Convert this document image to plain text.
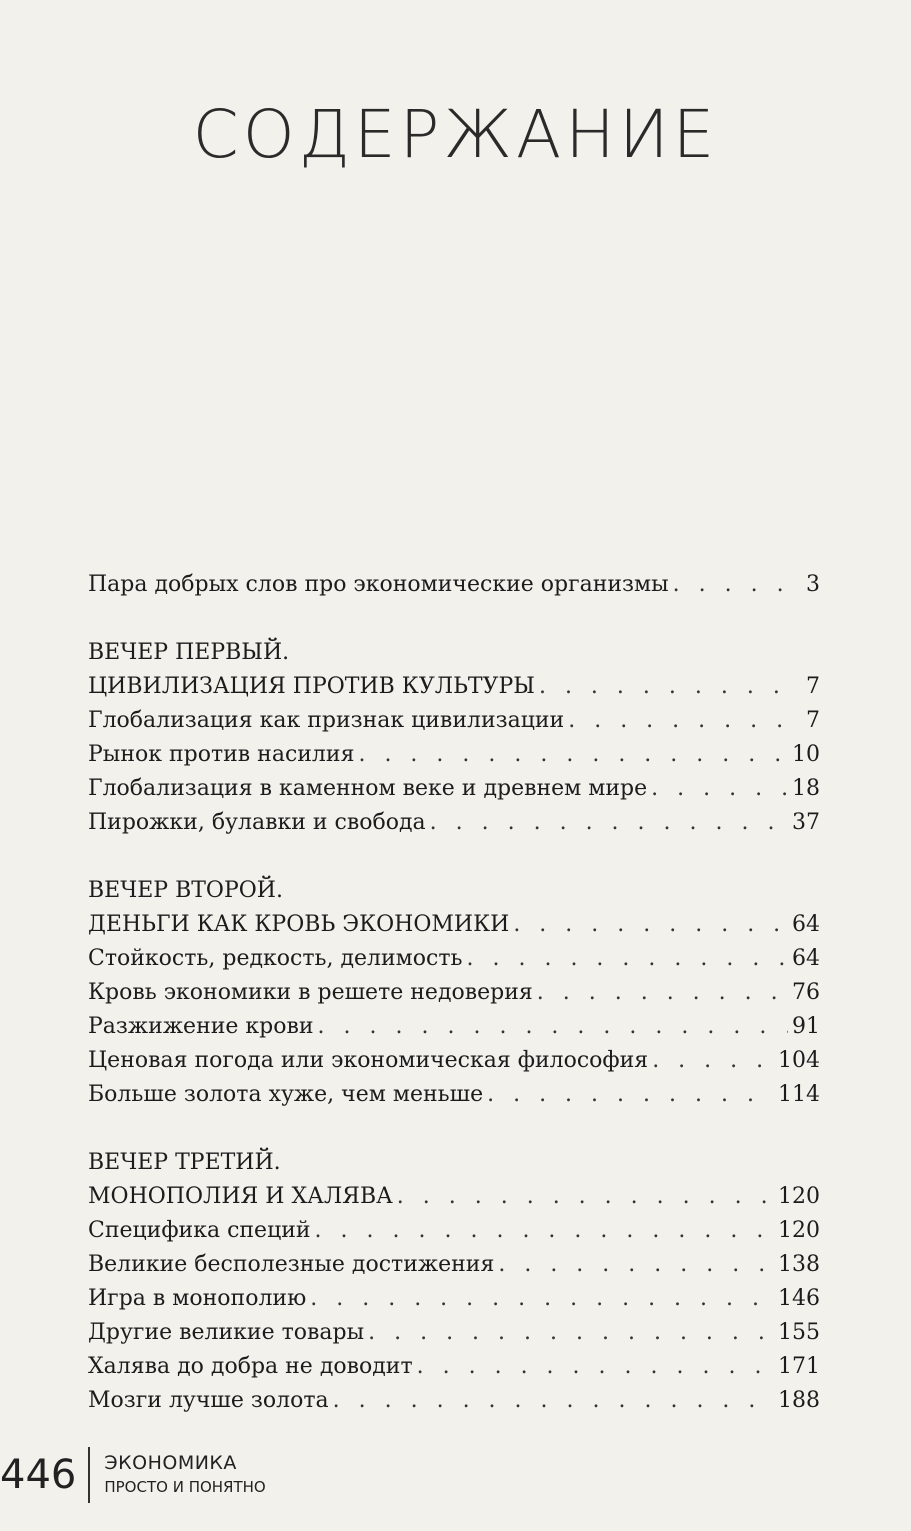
СОДЕРЖАНИЕ
Пара добрых слов про экономические организмы . . .	3
ВЕЧЕР ПЕРВЫЙ.
ЦИВИЛИЗАЦИЯ ПРОТИВ КУЛЬТУРЫ . . .	7
Глобализация как признак цивилизации . . .	7
Рынок против насилия . . .	10
Глобализация в каменном веке и древнем мире . . .	18
Пирожки, булавки и свобода . . .	37
ВЕЧЕР ВТОРОЙ.
ДЕНЬГИ КАК КРОВЬ ЭКОНОМИКИ . . .	64
Стойкость, редкость, делимость . . .	64
Кровь экономики в решете недоверия . . .	76
Разжижение крови . . .	91
Ценовая погода или экономическая философия . . .	104
Больше золота хуже, чем меньше . . .	114
ВЕЧЕР ТРЕТИЙ.
МОНОПОЛИЯ И ХАЛЯВА . . .	120
Специфика специй . . .	120
Великие бесполезные достижения . . .	138
Игра в монополию . . .	146
Другие великие товары . . .	155
Халява до добра не доводит . . .	171
Мозги лучше золота . . .	188
446	ЭКОНОМИКА
ПРОСТО И ПОНЯТНО
